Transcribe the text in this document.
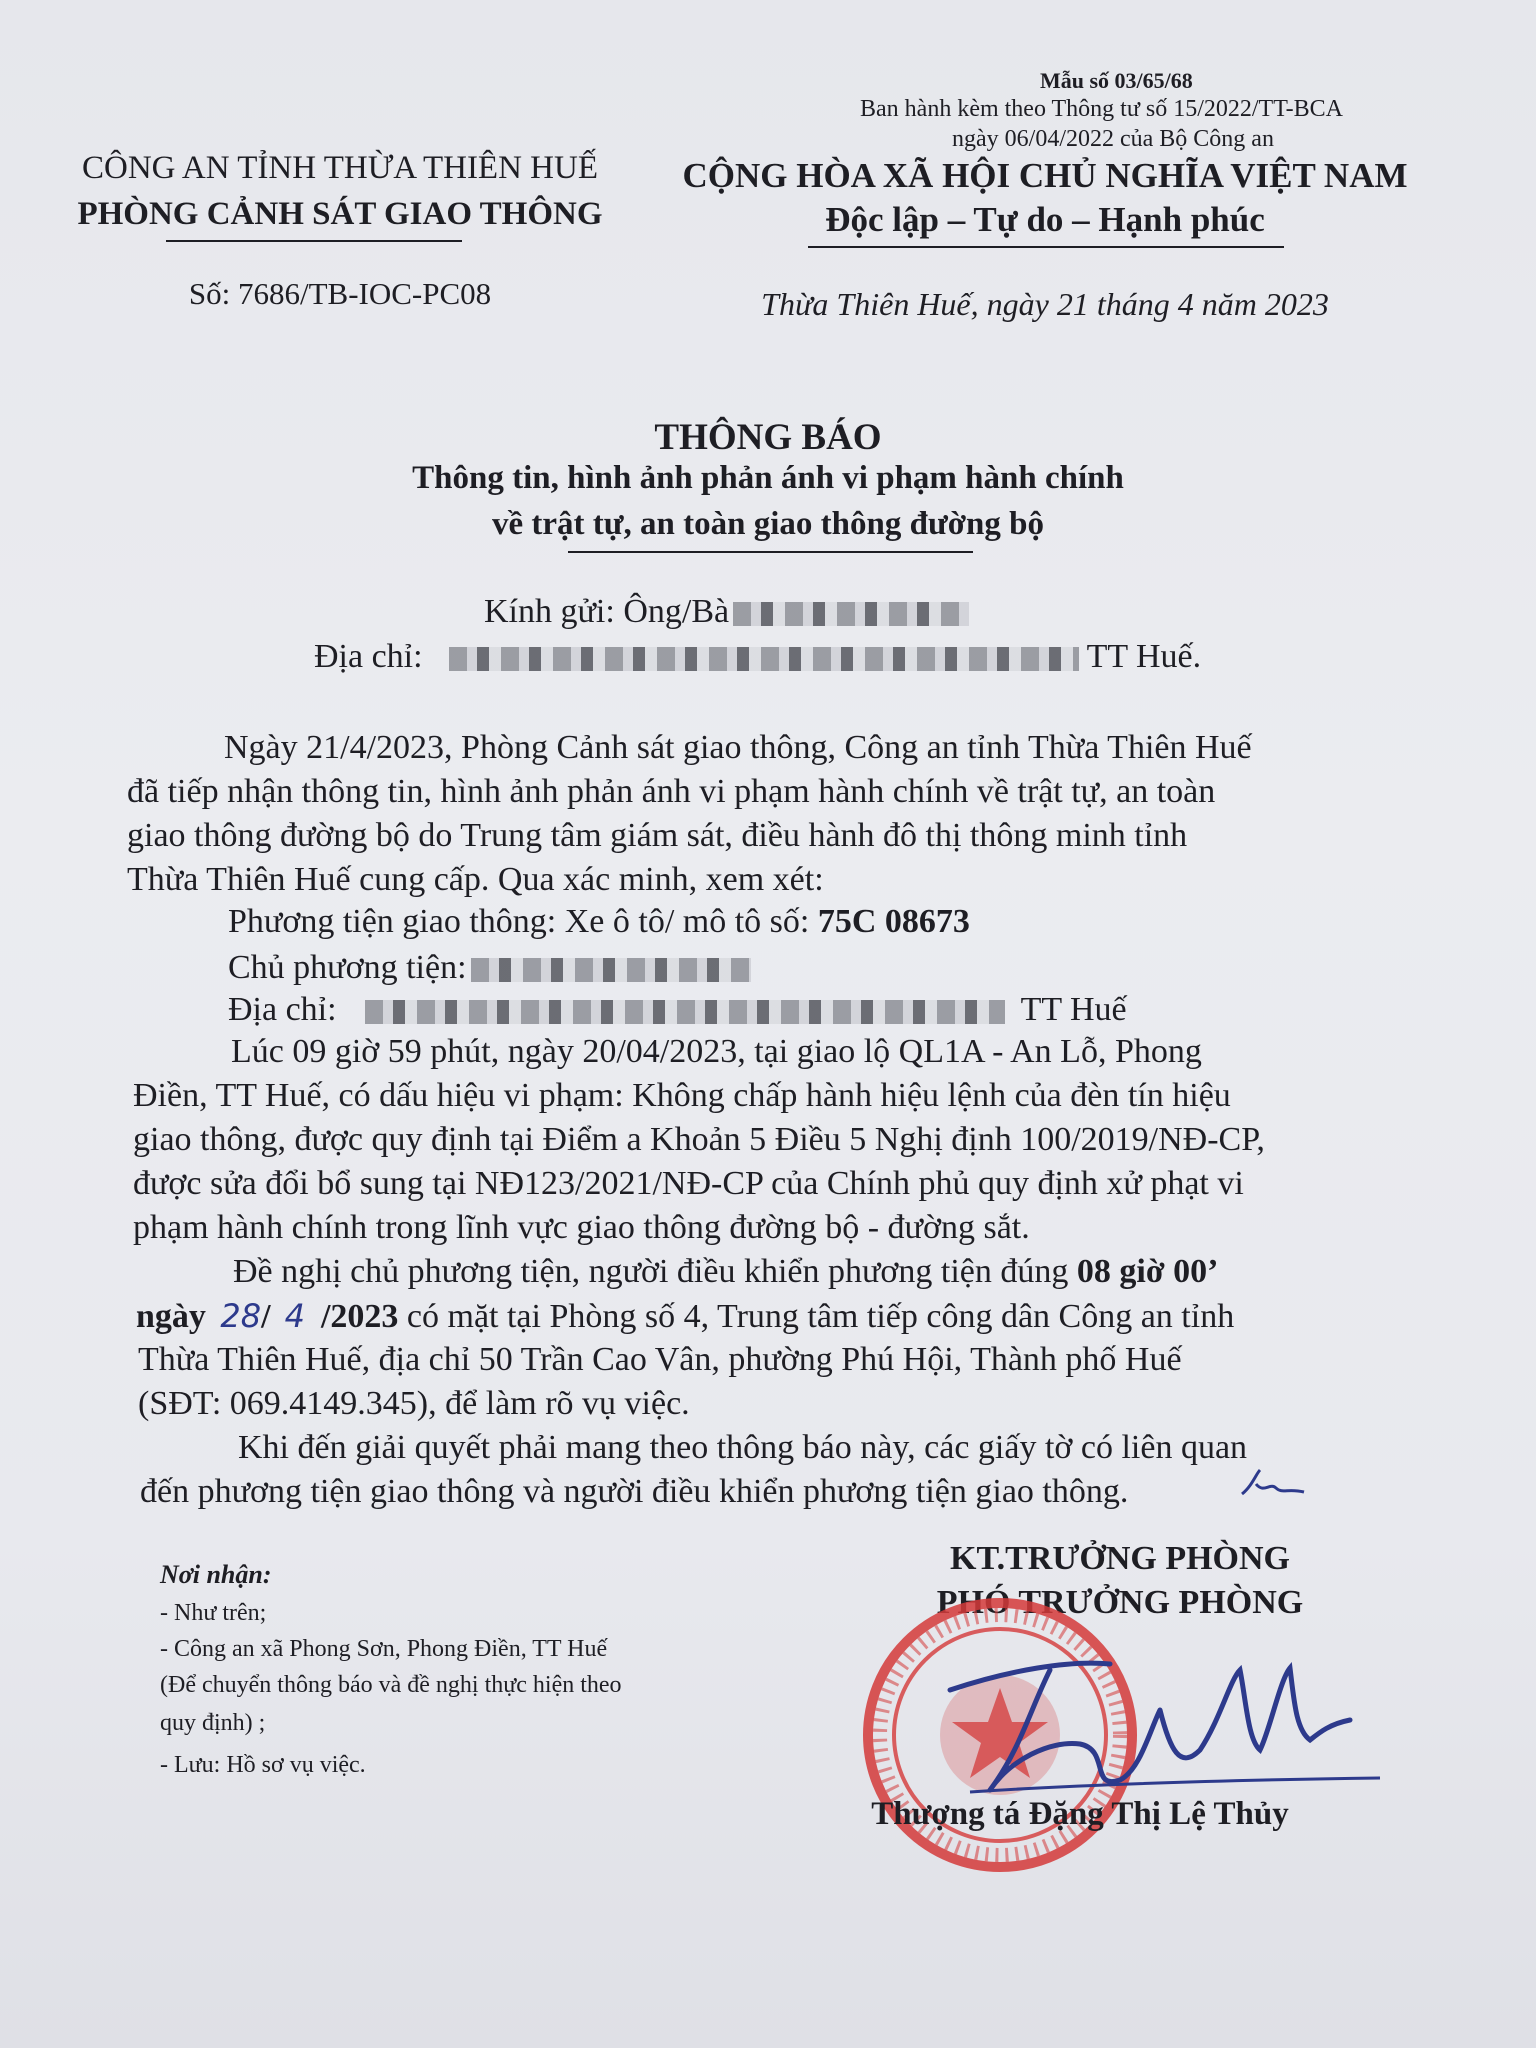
Mẫu số 03/65/68
Ban hành kèm theo Thông tư số 15/2022/TT-BCA
ngày 06/04/2022 của Bộ Công an
CÔNG AN TỈNH THỪA THIÊN HUẾ
PHÒNG CẢNH SÁT GIAO THÔNG
Số: 7686/TB-IOC-PC08
CỘNG HÒA XÃ HỘI CHỦ NGHĨA VIỆT NAM
Độc lập – Tự do – Hạnh phúc
Thừa Thiên Huế, ngày 21 tháng 4 năm 2023
THÔNG BÁO
Thông tin, hình ảnh phản ánh vi phạm hành chính
về trật tự, an toàn giao thông đường bộ
Kính gửi: Ông/Bà
Địa chỉ:	TT Huế.
Ngày 21/4/2023, Phòng Cảnh sát giao thông, Công an tỉnh Thừa Thiên Huế
đã tiếp nhận thông tin, hình ảnh phản ánh vi phạm hành chính về trật tự, an toàn
giao thông đường bộ do Trung tâm giám sát, điều hành đô thị thông minh tỉnh
Thừa Thiên Huế cung cấp. Qua xác minh, xem xét:
Phương tiện giao thông: Xe ô tô/ mô tô số: 75C 08673
Chủ phương tiện:
Địa chỉ:	TT Huế
Lúc 09 giờ 59 phút, ngày 20/04/2023, tại giao lộ QL1A - An Lỗ, Phong
Điền, TT Huế, có dấu hiệu vi phạm: Không chấp hành hiệu lệnh của đèn tín hiệu
giao thông, được quy định tại Điểm a Khoản 5 Điều 5 Nghị định 100/2019/NĐ-CP,
được sửa đổi bổ sung tại NĐ123/2021/NĐ-CP của Chính phủ quy định xử phạt vi
phạm hành chính trong lĩnh vực giao thông đường bộ - đường sắt.
Đề nghị chủ phương tiện, người điều khiển phương tiện đúng 08 giờ 00’
ngày 28/ 4 /2023 có mặt tại Phòng số 4, Trung tâm tiếp công dân Công an tỉnh
Thừa Thiên Huế, địa chỉ 50 Trần Cao Vân, phường Phú Hội, Thành phố Huế
(SĐT: 069.4149.345), để làm rõ vụ việc.
Khi đến giải quyết phải mang theo thông báo này, các giấy tờ có liên quan
đến phương tiện giao thông và người điều khiển phương tiện giao thông.
Nơi nhận:
- Như trên;
- Công an xã Phong Sơn, Phong Điền, TT Huế
(Để chuyển thông báo và đề nghị thực hiện theo
quy định) ;
- Lưu: Hồ sơ vụ việc.
KT.TRƯỞNG PHÒNG
PHÓ TRƯỞNG PHÒNG
Thượng tá Đặng Thị Lệ Thủy
